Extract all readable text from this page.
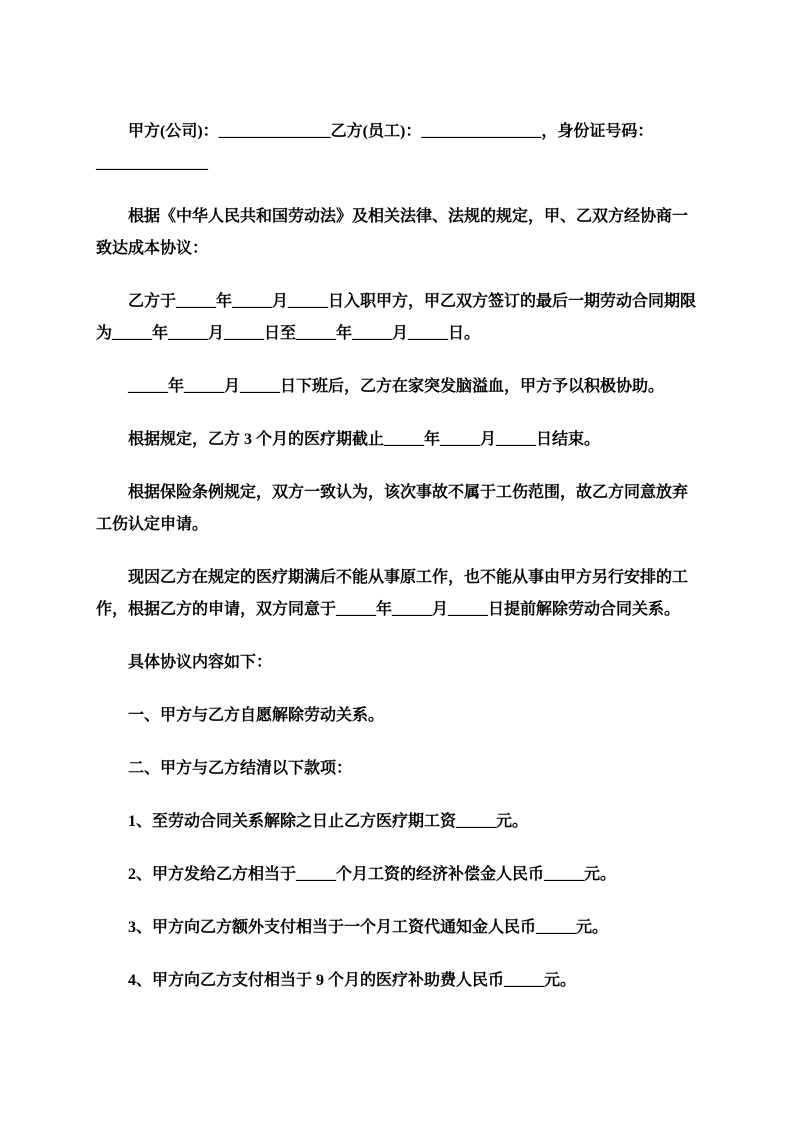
甲方(公司)：______________乙方(员工)：_______________，身份证号码：______________

根据《中华人民共和国劳动法》及相关法律、法规的规定，甲、乙双方经协商一致达成本协议：

乙方于_____年_____月_____日入职甲方，甲乙双方签订的最后一期劳动合同期限为_____年_____月_____日至_____年_____月_____日。

_____年_____月_____日下班后，乙方在家突发脑溢血，甲方予以积极协助。

根据规定，乙方 3 个月的医疗期截止_____年_____月_____日结束。

根据保险条例规定，双方一致认为，该次事故不属于工伤范围，故乙方同意放弃工伤认定申请。

现因乙方在规定的医疗期满后不能从事原工作，也不能从事由甲方另行安排的工作，根据乙方的申请，双方同意于_____年_____月_____日提前解除劳动合同关系。

具体协议内容如下：

一、甲方与乙方自愿解除劳动关系。

二、甲方与乙方结清以下款项：

1、至劳动合同关系解除之日止乙方医疗期工资_____元。

2、甲方发给乙方相当于_____个月工资的经济补偿金人民币_____元。

3、甲方向乙方额外支付相当于一个月工资代通知金人民币_____元。

4、甲方向乙方支付相当于 9 个月的医疗补助费人民币_____元。
